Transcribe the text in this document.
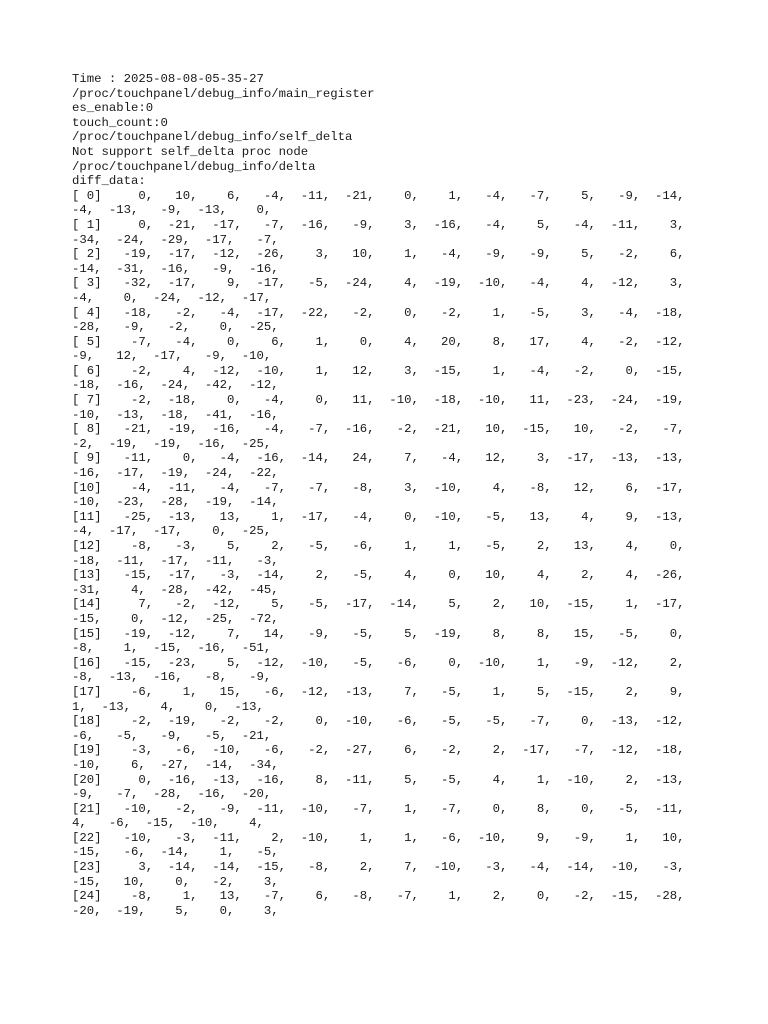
Time : 2025-08-08-05-35-27
/proc/touchpanel/debug_info/main_register
es_enable:0
touch_count:0
/proc/touchpanel/debug_info/self_delta
Not support self_delta proc node
/proc/touchpanel/debug_info/delta
diff_data:
[ 0]     0,   10,    6,   -4,  -11,  -21,    0,    1,   -4,   -7,    5,   -9,  -14,
-4,  -13,   -9,  -13,    0,
[ 1]     0,  -21,  -17,   -7,  -16,   -9,    3,  -16,   -4,    5,   -4,  -11,    3,
-34,  -24,  -29,  -17,   -7,
[ 2]   -19,  -17,  -12,  -26,    3,   10,    1,   -4,   -9,   -9,    5,   -2,    6,
-14,  -31,  -16,   -9,  -16,
[ 3]   -32,  -17,    9,  -17,   -5,  -24,    4,  -19,  -10,   -4,    4,  -12,    3,
-4,    0,  -24,  -12,  -17,
[ 4]   -18,   -2,   -4,  -17,  -22,   -2,    0,   -2,    1,   -5,    3,   -4,  -18,
-28,   -9,   -2,    0,  -25,
[ 5]    -7,   -4,    0,    6,    1,    0,    4,   20,    8,   17,    4,   -2,  -12,
-9,   12,  -17,   -9,  -10,
[ 6]    -2,    4,  -12,  -10,    1,   12,    3,  -15,    1,   -4,   -2,    0,  -15,
-18,  -16,  -24,  -42,  -12,
[ 7]    -2,  -18,    0,   -4,    0,   11,  -10,  -18,  -10,   11,  -23,  -24,  -19,
-10,  -13,  -18,  -41,  -16,
[ 8]   -21,  -19,  -16,   -4,   -7,  -16,   -2,  -21,   10,  -15,   10,   -2,   -7,
-2,  -19,  -19,  -16,  -25,
[ 9]   -11,    0,   -4,  -16,  -14,   24,    7,   -4,   12,    3,  -17,  -13,  -13,
-16,  -17,  -19,  -24,  -22,
[10]    -4,  -11,   -4,   -7,   -7,   -8,    3,  -10,    4,   -8,   12,    6,  -17,
-10,  -23,  -28,  -19,  -14,
[11]   -25,  -13,   13,    1,  -17,   -4,    0,  -10,   -5,   13,    4,    9,  -13,
-4,  -17,  -17,    0,  -25,
[12]    -8,   -3,    5,    2,   -5,   -6,    1,    1,   -5,    2,   13,    4,    0,
-18,  -11,  -17,  -11,   -3,
[13]   -15,  -17,   -3,  -14,    2,   -5,    4,    0,   10,    4,    2,    4,  -26,
-31,    4,  -28,  -42,  -45,
[14]     7,   -2,  -12,    5,   -5,  -17,  -14,    5,    2,   10,  -15,    1,  -17,
-15,    0,  -12,  -25,  -72,
[15]   -19,  -12,    7,   14,   -9,   -5,    5,  -19,    8,    8,   15,   -5,    0,
-8,    1,  -15,  -16,  -51,
[16]   -15,  -23,    5,  -12,  -10,   -5,   -6,    0,  -10,    1,   -9,  -12,    2,
-8,  -13,  -16,   -8,   -9,
[17]    -6,    1,   15,   -6,  -12,  -13,    7,   -5,    1,    5,  -15,    2,    9,
1,  -13,    4,    0,  -13,
[18]    -2,  -19,   -2,   -2,    0,  -10,   -6,   -5,   -5,   -7,    0,  -13,  -12,
-6,   -5,   -9,   -5,  -21,
[19]    -3,   -6,  -10,   -6,   -2,  -27,    6,   -2,    2,  -17,   -7,  -12,  -18,
-10,    6,  -27,  -14,  -34,
[20]     0,  -16,  -13,  -16,    8,  -11,    5,   -5,    4,    1,  -10,    2,  -13,
-9,   -7,  -28,  -16,  -20,
[21]   -10,   -2,   -9,  -11,  -10,   -7,    1,   -7,    0,    8,    0,   -5,  -11,
4,   -6,  -15,  -10,    4,
[22]   -10,   -3,  -11,    2,  -10,    1,    1,   -6,  -10,    9,   -9,    1,   10,
-15,   -6,  -14,    1,   -5,
[23]     3,  -14,  -14,  -15,   -8,    2,    7,  -10,   -3,   -4,  -14,  -10,   -3,
-15,   10,    0,   -2,    3,
[24]    -8,    1,   13,   -7,    6,   -8,   -7,    1,    2,    0,   -2,  -15,  -28,
-20,  -19,    5,    0,    3,
